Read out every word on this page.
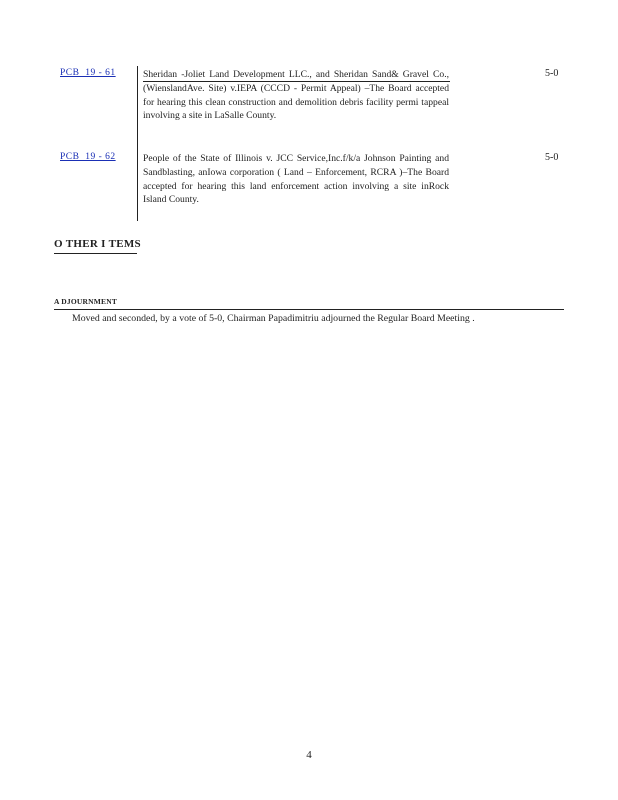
PCB  19 - 61	Sheridan -Joliet Land Development LLC., and Sheridan Sand& Gravel Co., (WienslandAve. Site) v.IEPA (CCCD - Permit Appeal) –The Board accepted for hearing this clean construction and demolition debris facility permi tappeal involving a site in LaSalle County.
5-0
PCB  19 - 62	People of the State of Illinois v. JCC Service,Inc.f/k/a Johnson Painting and Sandblasting, anIowa corporation ( Land – Enforcement, RCRA )–The Board accepted for hearing this land enforcement action involving a site inRock Island County.
5-0
O THER I TEMS
A DJOURNMENT
Moved and seconded, by a vote of 5-0, Chairman Papadimitriu adjourned the Regular Board Meeting .
4
